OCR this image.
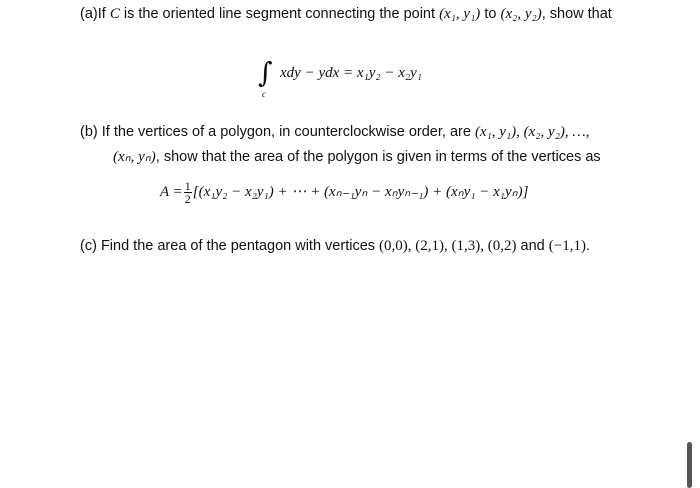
(a)If C is the oriented line segment connecting the point (x₁, y₁) to (x₂, y₂), show that
∫
c
xdy − ydx = x₁y₂ − x₂y₁
(b) If the vertices of a polygon, in counterclockwise order, are (x₁, y₁), (x₂, y₂), …,
(xₙ, yₙ), show that the area of the polygon is given in terms of the vertices as
$A = \frac{1}{2} [(x_1y_2 - x_2y_1)$ + ⋯ + (xₙ₋₁yₙ − xₙyₙ₋₁) + (xₙy₁ − x₁yₙ)]
(c) Find the area of the pentagon with vertices (0,0), (2,1), (1,3), (0,2) and (−1,1).
